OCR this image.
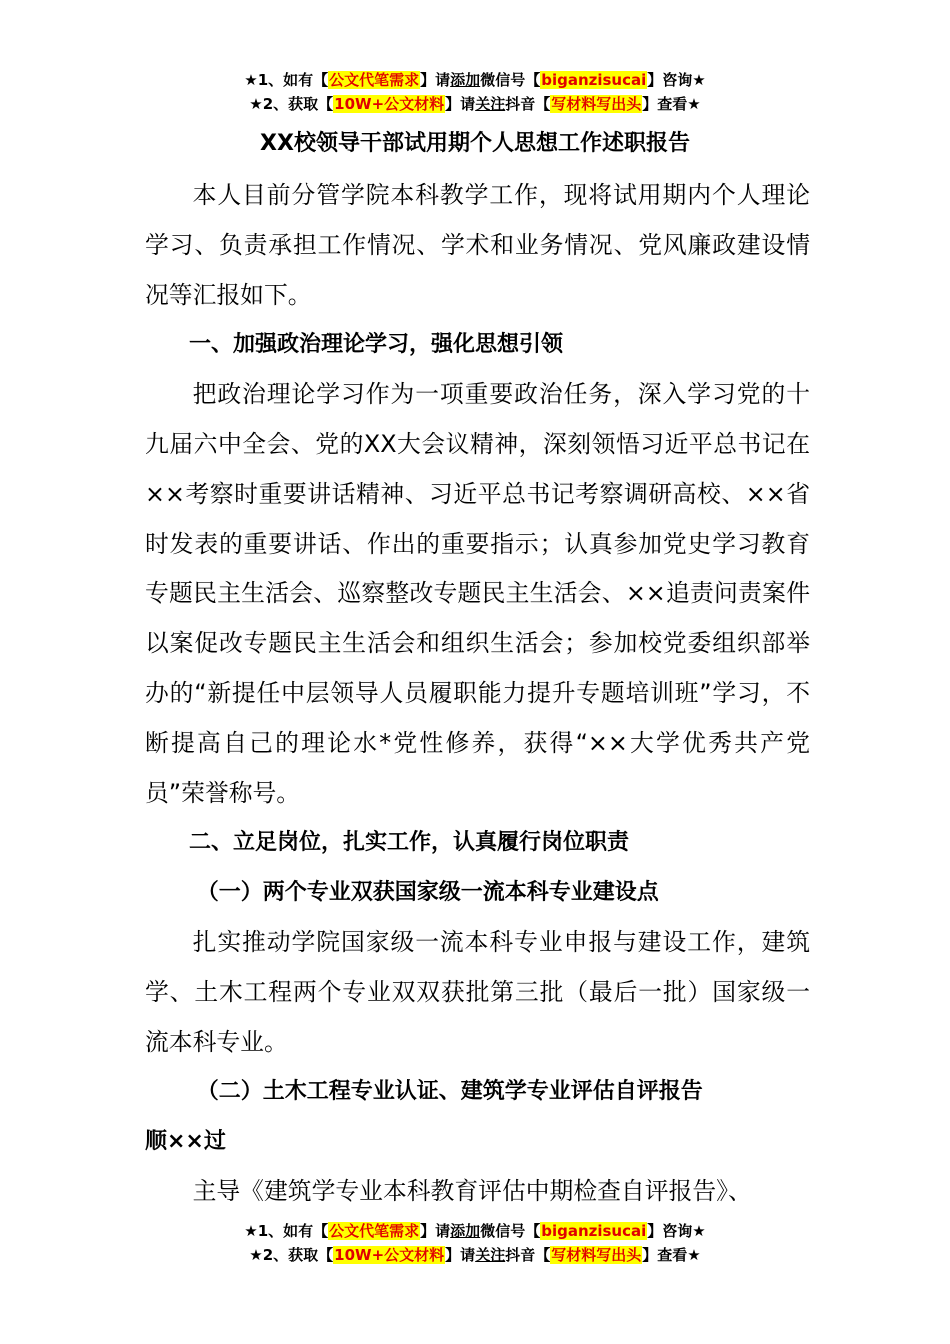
★1、如有【公文代笔需求】请添加微信号【biganzisucai】咨询★
★2、获取【10W+公文材料】请关注抖音【写材料写出头】查看★
XX校领导干部试用期个人思想工作述职报告

本人目前分管学院本科教学工作，现将试用期内个人理论学习、负责承担工作情况、学术和业务情况、党风廉政建设情况等汇报如下。

一、加强政治理论学习，强化思想引领

把政治理论学习作为一项重要政治任务，深入学习党的十九届六中全会、党的XX大会议精神，深刻领悟习近平总书记在××考察时重要讲话精神、习近平总书记考察调研高校、××省时发表的重要讲话、作出的重要指示；认真参加党史学习教育专题民主生活会、巡察整改专题民主生活会、××追责问责案件以案促改专题民主生活会和组织生活会；参加校党委组织部举办的“新提任中层领导人员履职能力提升专题培训班”学习，不断提高自己的理论水*党性修养，获得“××大学优秀共产党员”荣誉称号。

二、立足岗位，扎实工作，认真履行岗位职责

（一）两个专业双获国家级一流本科专业建设点

扎实推动学院国家级一流本科专业申报与建设工作，建筑学、土木工程两个专业双双获批第三批（最后一批）国家级一流本科专业。

（二）土木工程专业认证、建筑学专业评估自评报告

顺××过

主导《建筑学专业本科教育评估中期检查自评报告》、

★1、如有【公文代笔需求】请添加微信号【biganzisucai】咨询★
★2、获取【10W+公文材料】请关注抖音【写材料写出头】查看★
